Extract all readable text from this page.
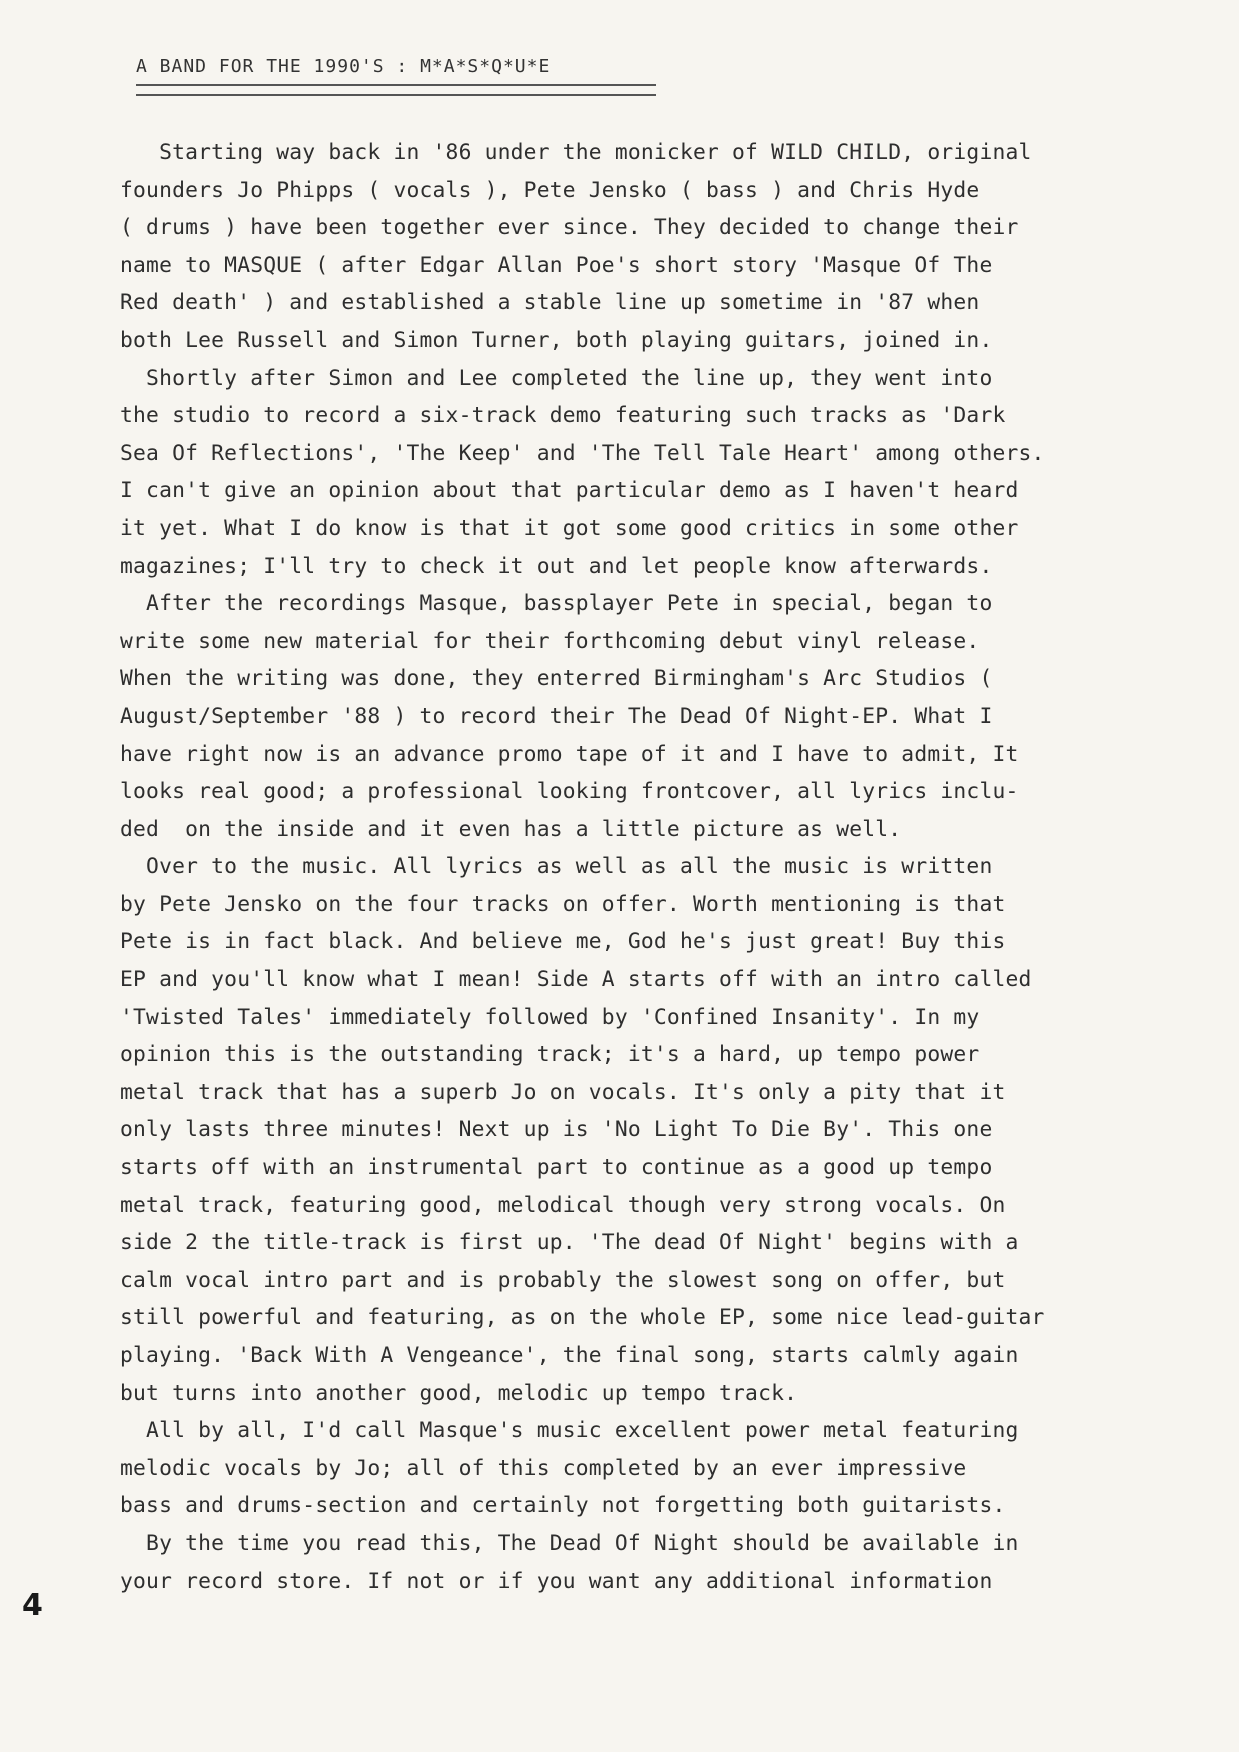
A BAND FOR THE 1990'S : M*A*S*Q*U*E
Starting way back in '86 under the monicker of WILD CHILD, original
founders Jo Phipps ( vocals ), Pete Jensko ( bass ) and Chris Hyde
( drums ) have been together ever since. They decided to change their
name to MASQUE ( after Edgar Allan Poe's short story 'Masque Of The
Red death' ) and established a stable line up sometime in '87 when
both Lee Russell and Simon Turner, both playing guitars, joined in.
Shortly after Simon and Lee completed the line up, they went into
the studio to record a six-track demo featuring such tracks as 'Dark
Sea Of Reflections', 'The Keep' and 'The Tell Tale Heart' among others.
I can't give an opinion about that particular demo as I haven't heard
it yet. What I do know is that it got some good critics in some other
magazines; I'll try to check it out and let people know afterwards.
After the recordings Masque, bassplayer Pete in special, began to
write some new material for their forthcoming debut vinyl release.
When the writing was done, they enterred Birmingham's Arc Studios (
August/September '88 ) to record their The Dead Of Night-EP. What I
have right now is an advance promo tape of it and I have to admit, It
looks real good; a professional looking frontcover, all lyrics inclu-
ded  on the inside and it even has a little picture as well.
Over to the music. All lyrics as well as all the music is written
by Pete Jensko on the four tracks on offer. Worth mentioning is that
Pete is in fact black. And believe me, God he's just great! Buy this
EP and you'll know what I mean! Side A starts off with an intro called
'Twisted Tales' immediately followed by 'Confined Insanity'. In my
opinion this is the outstanding track; it's a hard, up tempo power
metal track that has a superb Jo on vocals. It's only a pity that it
only lasts three minutes! Next up is 'No Light To Die By'. This one
starts off with an instrumental part to continue as a good up tempo
metal track, featuring good, melodical though very strong vocals. On
side 2 the title-track is first up. 'The dead Of Night' begins with a
calm vocal intro part and is probably the slowest song on offer, but
still powerful and featuring, as on the whole EP, some nice lead-guitar
playing. 'Back With A Vengeance', the final song, starts calmly again
but turns into another good, melodic up tempo track.
All by all, I'd call Masque's music excellent power metal featuring
melodic vocals by Jo; all of this completed by an ever impressive
bass and drums-section and certainly not forgetting both guitarists.
By the time you read this, The Dead Of Night should be available in
your record store. If not or if you want any additional information
4
